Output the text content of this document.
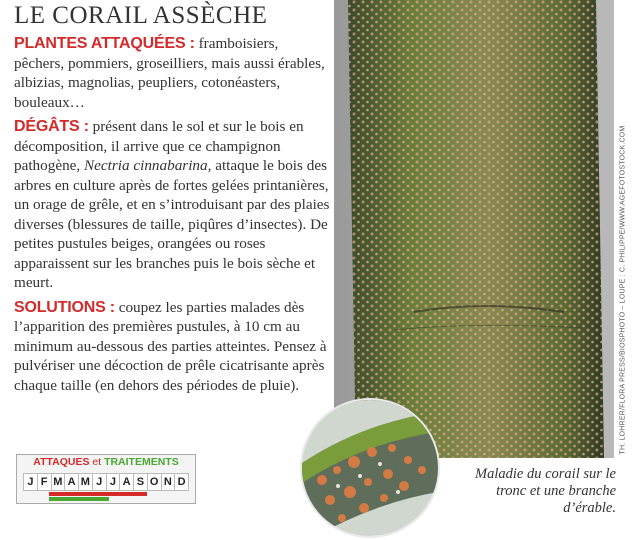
LE CORAIL ASSÈCHE

PLANTES ATTAQUÉES : framboisiers, pêchers, pommiers, groseilliers, mais aussi érables, albizias, magnolias, peupliers, cotonéasters, bouleaux…

DÉGÂTS : présent dans le sol et sur le bois en décomposition, il arrive que ce champignon pathogène, Nectria cinnabarina, attaque le bois des arbres en culture après de fortes gelées printanières, un orage de grêle, et en s’introduisant par des plaies diverses (blessures de taille, piqûres d’insectes). De petites pustules beiges, orangées ou roses apparaissent sur les branches puis le bois sèche et meurt.

SOLUTIONS : coupez les parties malades dès l’apparition des premières pustules, à 10 cm au minimum au-dessous des parties atteintes. Pensez à pulvériser une décoction de prêle cicatrisante après chaque taille (en dehors des périodes de pluie).	TH. LOHRER/FLORA PRESS/BIOSPHOTO – LOUPE : C. PHILIPPE/WWW.AGEFOTOSTOCK.COM
Maladie du corail sur le tronc et une branche d’érable.
ATTAQUES et TRAITEMENTS
J F M A M J J A S O N D
